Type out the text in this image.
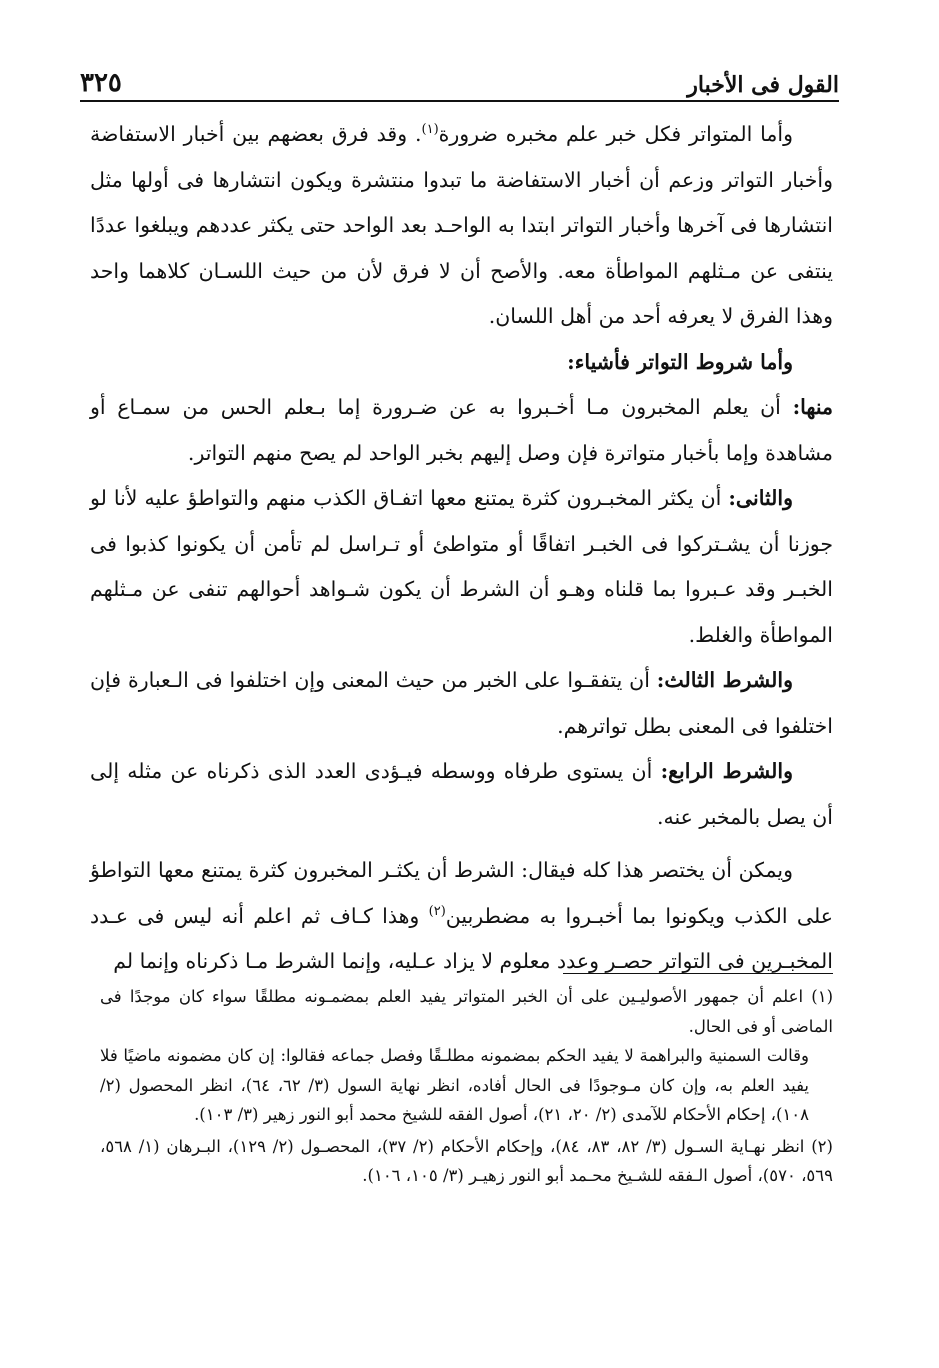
٣٢٥	القول فى الأخبار

وأما المتواتر فكل خبر علم مخبره ضرورة$^{(١)}$. وقد فرق بعضهم بين أخبار الاستفاضة وأخبار التواتر وزعم أن أخبار الاستفاضة ما تبدوا منتشرة ويكون انتشارها فى أولها مثل انتشارها فى آخرها وأخبار التواتر ابتدا به الواحـد بعد الواحد حتى يكثر عددهم ويبلغوا عددًا ينتفى عن مـثلهم المواطأة معه. والأصح أن لا فرق لأن من حيث اللسـان كلاهما واحد وهذا الفرق لا يعرفه أحد من أهل اللسان.

وأما شروط التواتر فأشياء:

منها: أن يعلم المخبرون مـا أخـبروا به عن ضـرورة إما بـعلم الحس من سمـاع أو مشاهدة وإما بأخبار متواترة فإن وصل إليهم بخبر الواحد لم يصح منهم التواتر.

والثانى: أن يكثر المخبـرون كثرة يمتنع معها اتفـاق الكذب منهم والتواطؤ عليه لأنا لو جوزنا أن يشـتركوا فى الخبـر اتفاقًا أو متواطئ أو تـراسل لم تأمن أن يكونوا كذبوا فى الخبـر وقد عـبروا بما قلناه وهـو أن الشرط أن يكون شـواهد أحوالهم تنفى عن مـثلهم المواطأة والغلط.

والشرط الثالث: أن يتفقـوا على الخبر من حيث المعنى وإن اختلفوا فى الـعبارة فإن اختلفوا فى المعنى بطل تواترهم.

والشرط الرابع: أن يستوى طرفاه ووسطه فيـؤدى العدد الذى ذكرناه عن مثله إلى أن يصل بالمخبر عنه.

ويمكن أن يختصر هذا كله فيقال: الشرط أن يكثـر المخبرون كثرة يمتنع معها التواطؤ على الكذب ويكونوا بما أخبـروا به مضطربين$^{(٢)}$ وهذا كـاف ثم اعلم أنه ليس فى عـدد المخبـرين فى التواتر حصـر وعدد معلوم لا يزاد عـليه، وإنما الشرط مـا ذكرناه وإنما لم

(١) اعلم أن جمهور الأصوليـين على أن الخبر المتواتر يفيد العلم بمضمـونه مطلقًا سواء كان موجدًا فى الماضى أو فى الحال.

وقالت السمنية والبراهمة لا يفيد الحكم بمضمونه مطلـقًا وفصل جماعه فقالوا: إن كان مضمونه ماضيًا فلا يفيد العلم به، وإن كان مـوجودًا فى الحال أفاده، انظر نهاية السول (٣/ ٦٢، ٦٤)، انظر المحصول (٢/ ١٠٨)، إحكام الأحكام للآمدى (٢/ ٢٠، ٢١)، أصول الفقه للشيخ محمد أبو النور زهير (٣/ ١٠٣).

(٢) انظر نهـاية السـول (٣/ ٨٢، ٨٣، ٨٤)، وإحكام الأحكام (٢/ ٣٧)، المحصـول (٢/ ١٢٩)، البـرهان (١/ ٥٦٨، ٥٦٩، ٥٧٠)، أصول الـفقه للشـيخ محـمد أبو النور زهيـر (٣/ ١٠٥، ١٠٦).
